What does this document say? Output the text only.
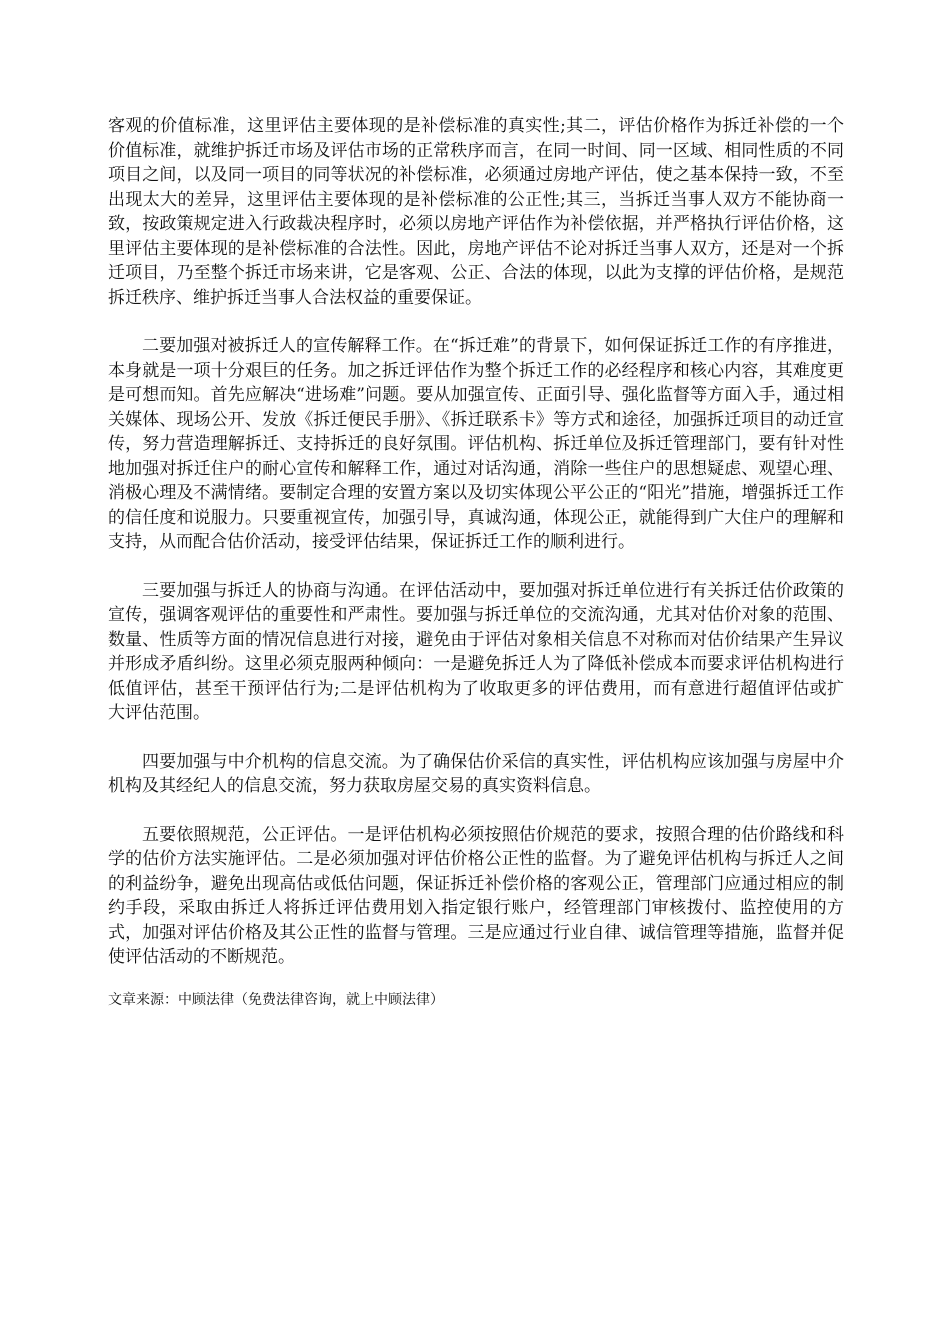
客观的价值标准，这里评估主要体现的是补偿标准的真实性;其二，评估价格作为拆迁补偿的一个价值标准，就维护拆迁市场及评估市场的正常秩序而言，在同一时间、同一区域、相同性质的不同项目之间，以及同一项目的同等状况的补偿标准，必须通过房地产评估，使之基本保持一致，不至出现太大的差异，这里评估主要体现的是补偿标准的公正性;其三，当拆迁当事人双方不能协商一致，按政策规定进入行政裁决程序时，必须以房地产评估作为补偿依据，并严格执行评估价格，这里评估主要体现的是补偿标准的合法性。因此，房地产评估不论对拆迁当事人双方，还是对一个拆迁项目，乃至整个拆迁市场来讲，它是客观、公正、合法的体现，以此为支撑的评估价格，是规范拆迁秩序、维护拆迁当事人合法权益的重要保证。

二要加强对被拆迁人的宣传解释工作。在“拆迁难”的背景下，如何保证拆迁工作的有序推进，本身就是一项十分艰巨的任务。加之拆迁评估作为整个拆迁工作的必经程序和核心内容，其难度更是可想而知。首先应解决“进场难”问题。要从加强宣传、正面引导、强化监督等方面入手，通过相关媒体、现场公开、发放《拆迁便民手册》、《拆迁联系卡》等方式和途径，加强拆迁项目的动迁宣传，努力营造理解拆迁、支持拆迁的良好氛围。评估机构、拆迁单位及拆迁管理部门，要有针对性地加强对拆迁住户的耐心宣传和解释工作，通过对话沟通，消除一些住户的思想疑虑、观望心理、消极心理及不满情绪。要制定合理的安置方案以及切实体现公平公正的“阳光”措施，增强拆迁工作的信任度和说服力。只要重视宣传，加强引导，真诚沟通，体现公正，就能得到广大住户的理解和支持，从而配合估价活动，接受评估结果，保证拆迁工作的顺利进行。

三要加强与拆迁人的协商与沟通。在评估活动中，要加强对拆迁单位进行有关拆迁估价政策的宣传，强调客观评估的重要性和严肃性。要加强与拆迁单位的交流沟通，尤其对估价对象的范围、数量、性质等方面的情况信息进行对接，避免由于评估对象相关信息不对称而对估价结果产生异议并形成矛盾纠纷。这里必须克服两种倾向：一是避免拆迁人为了降低补偿成本而要求评估机构进行低值评估，甚至干预评估行为;二是评估机构为了收取更多的评估费用，而有意进行超值评估或扩大评估范围。

四要加强与中介机构的信息交流。为了确保估价采信的真实性，评估机构应该加强与房屋中介机构及其经纪人的信息交流，努力获取房屋交易的真实资料信息。

五要依照规范，公正评估。一是评估机构必须按照估价规范的要求，按照合理的估价路线和科学的估价方法实施评估。二是必须加强对评估价格公正性的监督。为了避免评估机构与拆迁人之间的利益纷争，避免出现高估或低估问题，保证拆迁补偿价格的客观公正，管理部门应通过相应的制约手段，采取由拆迁人将拆迁评估费用划入指定银行账户，经管理部门审核拨付、监控使用的方式，加强对评估价格及其公正性的监督与管理。三是应通过行业自律、诚信管理等措施，监督并促使评估活动的不断规范。

文章来源：中顾法律（免费法律咨询，就上中顾法律）
